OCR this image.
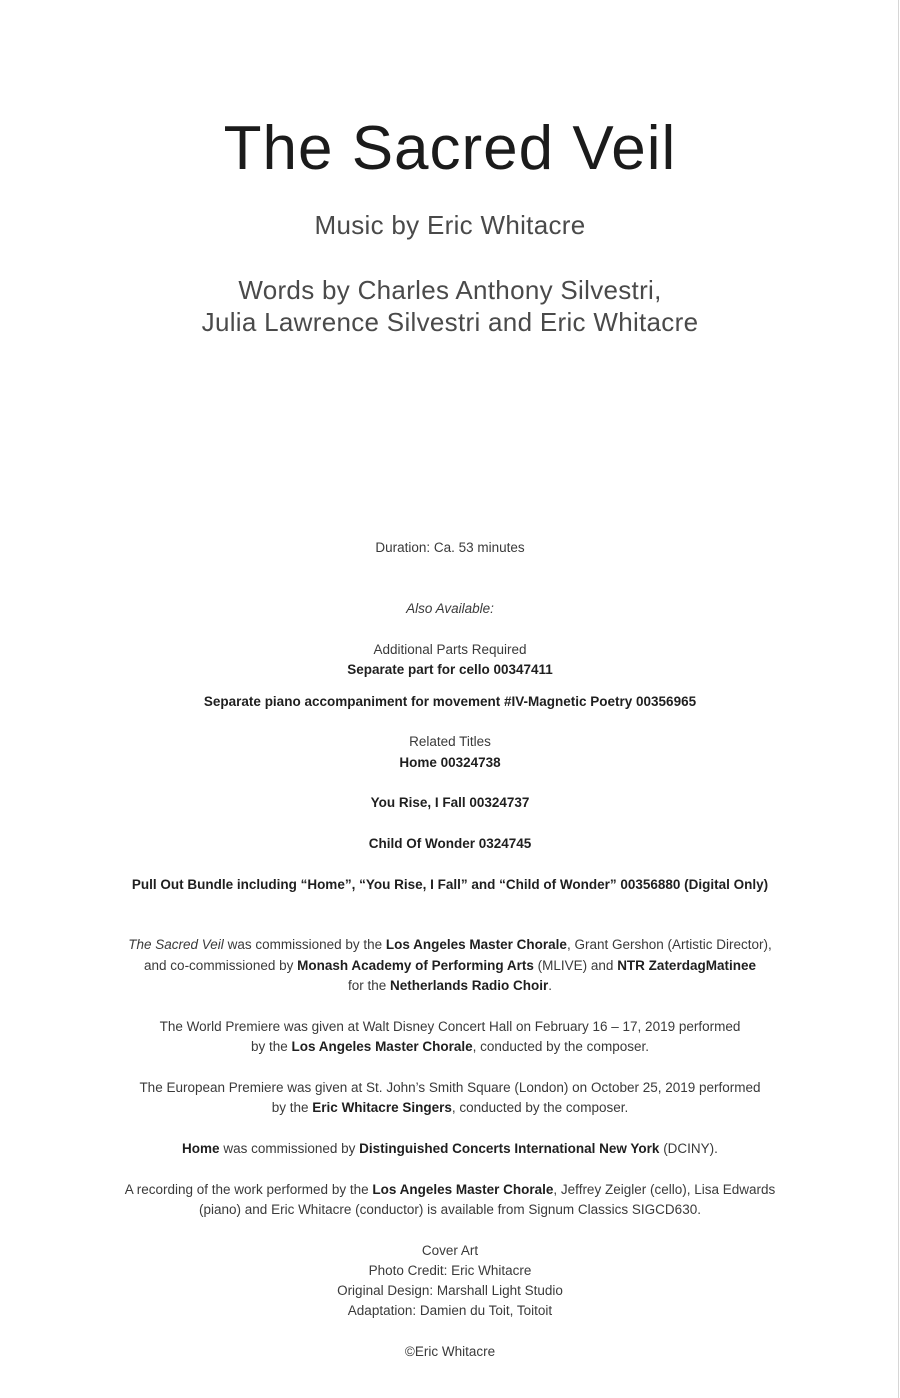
The Sacred Veil
Music by Eric Whitacre
Words by Charles Anthony Silvestri,
Julia Lawrence Silvestri and Eric Whitacre
Duration: Ca. 53 minutes
Also Available:
Additional Parts Required
Separate part for cello 00347411
Separate piano accompaniment for movement #IV-Magnetic Poetry 00356965
Related Titles
Home 00324738
You Rise, I Fall 00324737
Child Of Wonder 0324745
Pull Out Bundle including “Home”, “You Rise, I Fall” and “Child of Wonder” 00356880 (Digital Only)
The Sacred Veil was commissioned by the Los Angeles Master Chorale, Grant Gershon (Artistic Director),
and co-commissioned by Monash Academy of Performing Arts (MLIVE) and NTR ZaterdagMatinee
for the Netherlands Radio Choir.
The World Premiere was given at Walt Disney Concert Hall on February 16 – 17, 2019 performed
by the Los Angeles Master Chorale, conducted by the composer.
The European Premiere was given at St. John’s Smith Square (London) on October 25, 2019 performed
by the Eric Whitacre Singers, conducted by the composer.
Home was commissioned by Distinguished Concerts International New York (DCINY).
A recording of the work performed by the Los Angeles Master Chorale, Jeffrey Zeigler (cello), Lisa Edwards
(piano) and Eric Whitacre (conductor) is available from Signum Classics SIGCD630.
Cover Art
Photo Credit: Eric Whitacre
Original Design: Marshall Light Studio
Adaptation: Damien du Toit, Toitoit
©Eric Whitacre
